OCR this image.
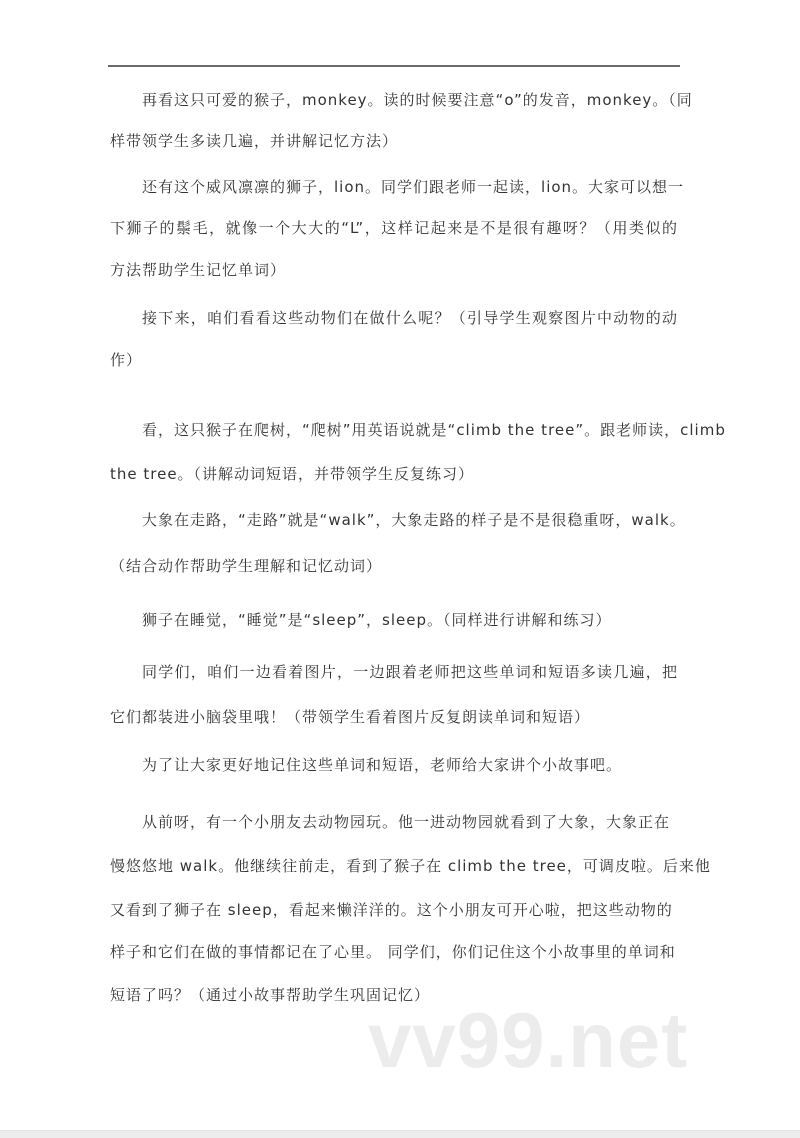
再看这只可爱的猴子，monkey。读的时候要注意“o”的发音，monkey。（同
样带领学生多读几遍，并讲解记忆方法）
还有这个威风凛凛的狮子，lion。同学们跟老师一起读，lion。大家可以想一
下狮子的鬃毛，就像一个大大的“L”，这样记起来是不是很有趣呀？（用类似的
方法帮助学生记忆单词）
接下来，咱们看看这些动物们在做什么呢？（引导学生观察图片中动物的动
作）
看，这只猴子在爬树，“爬树”用英语说就是“climb the tree”。跟老师读，climb
the tree。（讲解动词短语，并带领学生反复练习）
大象在走路，“走路”就是“walk”，大象走路的样子是不是很稳重呀，walk。
（结合动作帮助学生理解和记忆动词）
狮子在睡觉，“睡觉”是“sleep”，sleep。（同样进行讲解和练习）
同学们，咱们一边看着图片，一边跟着老师把这些单词和短语多读几遍，把
它们都装进小脑袋里哦！（带领学生看着图片反复朗读单词和短语）
为了让大家更好地记住这些单词和短语，老师给大家讲个小故事吧。
从前呀，有一个小朋友去动物园玩。他一进动物园就看到了大象，大象正在
慢悠悠地 walk。他继续往前走，看到了猴子在 climb the tree，可调皮啦。后来他
又看到了狮子在 sleep，看起来懒洋洋的。这个小朋友可开心啦，把这些动物的
样子和它们在做的事情都记在了心里。 同学们，你们记住这个小故事里的单词和
短语了吗？（通过小故事帮助学生巩固记忆）
vv99.net
